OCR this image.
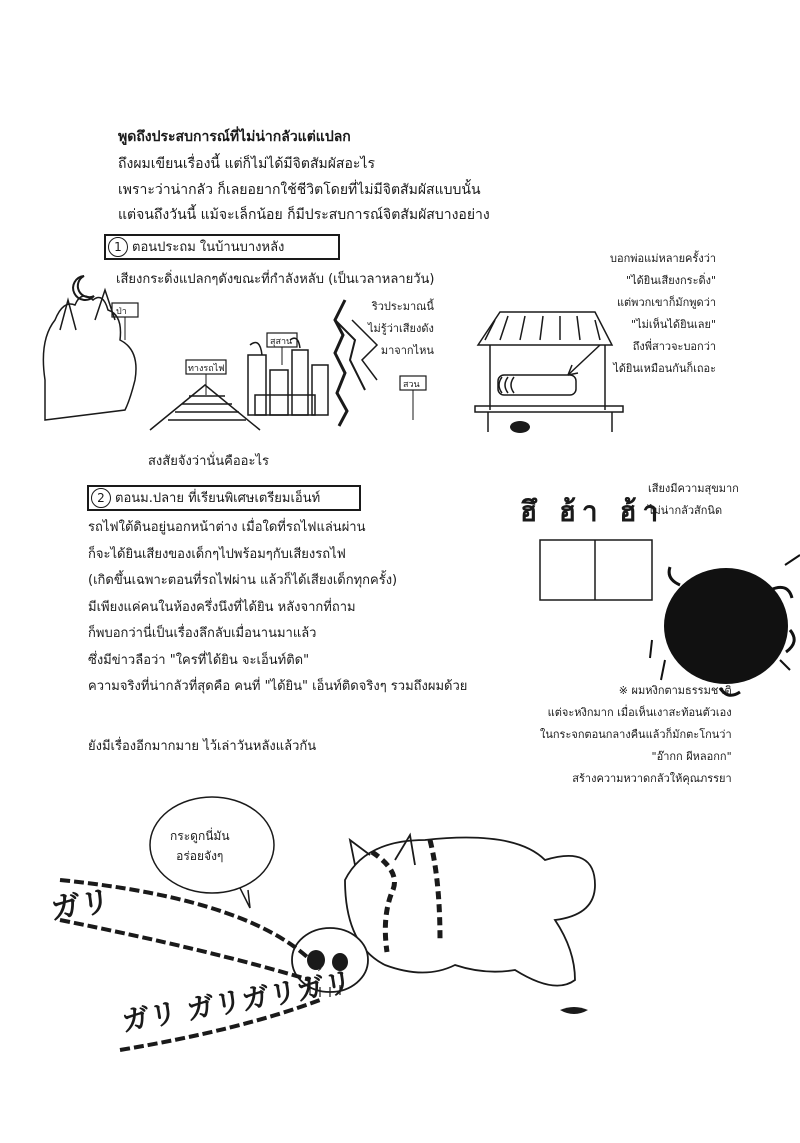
พูดถึงประสบการณ์ที่ไม่น่ากลัวแต่แปลก
ถึงผมเขียนเรื่องนี้ แต่ก็ไม่ได้มีจิตสัมผัสอะไร
เพราะว่าน่ากลัว ก็เลยอยากใช้ชีวิตโดยที่ไม่มีจิตสัมผัสแบบนั้น
แต่จนถึงวันนี้ แม้จะเล็กน้อย ก็มีประสบการณ์จิตสัมผัสบางอย่าง
1 ตอนประถม ในบ้านบางหลัง
เสียงกระดิ่งแปลกๆดังขณะที่กำลังหลับ (เป็นเวลาหลายวัน)
ป่า
ทางรถไฟ
สุสาน
สวน
ริวประมาณนี้
ไม่รู้ว่าเสียงดัง
มาจากไหน
บอกพ่อแม่หลายครั้งว่า
"ได้ยินเสียงกระดิ่ง"
แต่พวกเขาก็มักพูดว่า
"ไม่เห็นได้ยินเลย"
ถึงพี่สาวจะบอกว่า
ได้ยินเหมือนกันก็เถอะ
สงสัยจังว่านั่นคืออะไร
2 ตอนม.ปลาย ที่เรียนพิเศษเตรียมเอ็นท์
รถไฟใต้ดินอยู่นอกหน้าต่าง เมื่อใดที่รถไฟแล่นผ่าน
ก็จะได้ยินเสียงของเด็กๆไปพร้อมๆกับเสียงรถไฟ
(เกิดขึ้นเฉพาะตอนที่รถไฟผ่าน แล้วก็ได้เสียงเด็กทุกครั้ง)
มีเพียงแค่คนในห้องครึ่งนึงที่ได้ยิน หลังจากที่ถาม
ก็พบอกว่านี่เป็นเรื่องลึกลับเมื่อนานมาแล้ว
ซึ่งมีข่าวลือว่า "ใครที่ได้ยิน จะเอ็นท์ติด"
ความจริงที่น่ากลัวที่สุดคือ คนที่ "ได้ยิน" เอ็นท์ติดจริงๆ รวมถึงผมด้วย
ฮึ ฮ้า ฮ้า
เสียงมีความสุขมาก
ไม่น่ากลัวสักนิด
※ ผมหงิกตามธรรมชาติ
แต่จะหงิกมาก เมื่อเห็นเงาสะท้อนตัวเอง
ในกระจกตอนกลางคืนแล้วก็มักตะโกนว่า
"อ๊ากก ผีหลอกก"
สร้างความหวาดกลัวให้คุณภรรยา
ยังมีเรื่องอีกมากมาย ไว้เล่าวันหลังแล้วกัน
กระดูกนี่มัน
อร่อยจังๆ
ガリ
ガリ ガリガリガリ
